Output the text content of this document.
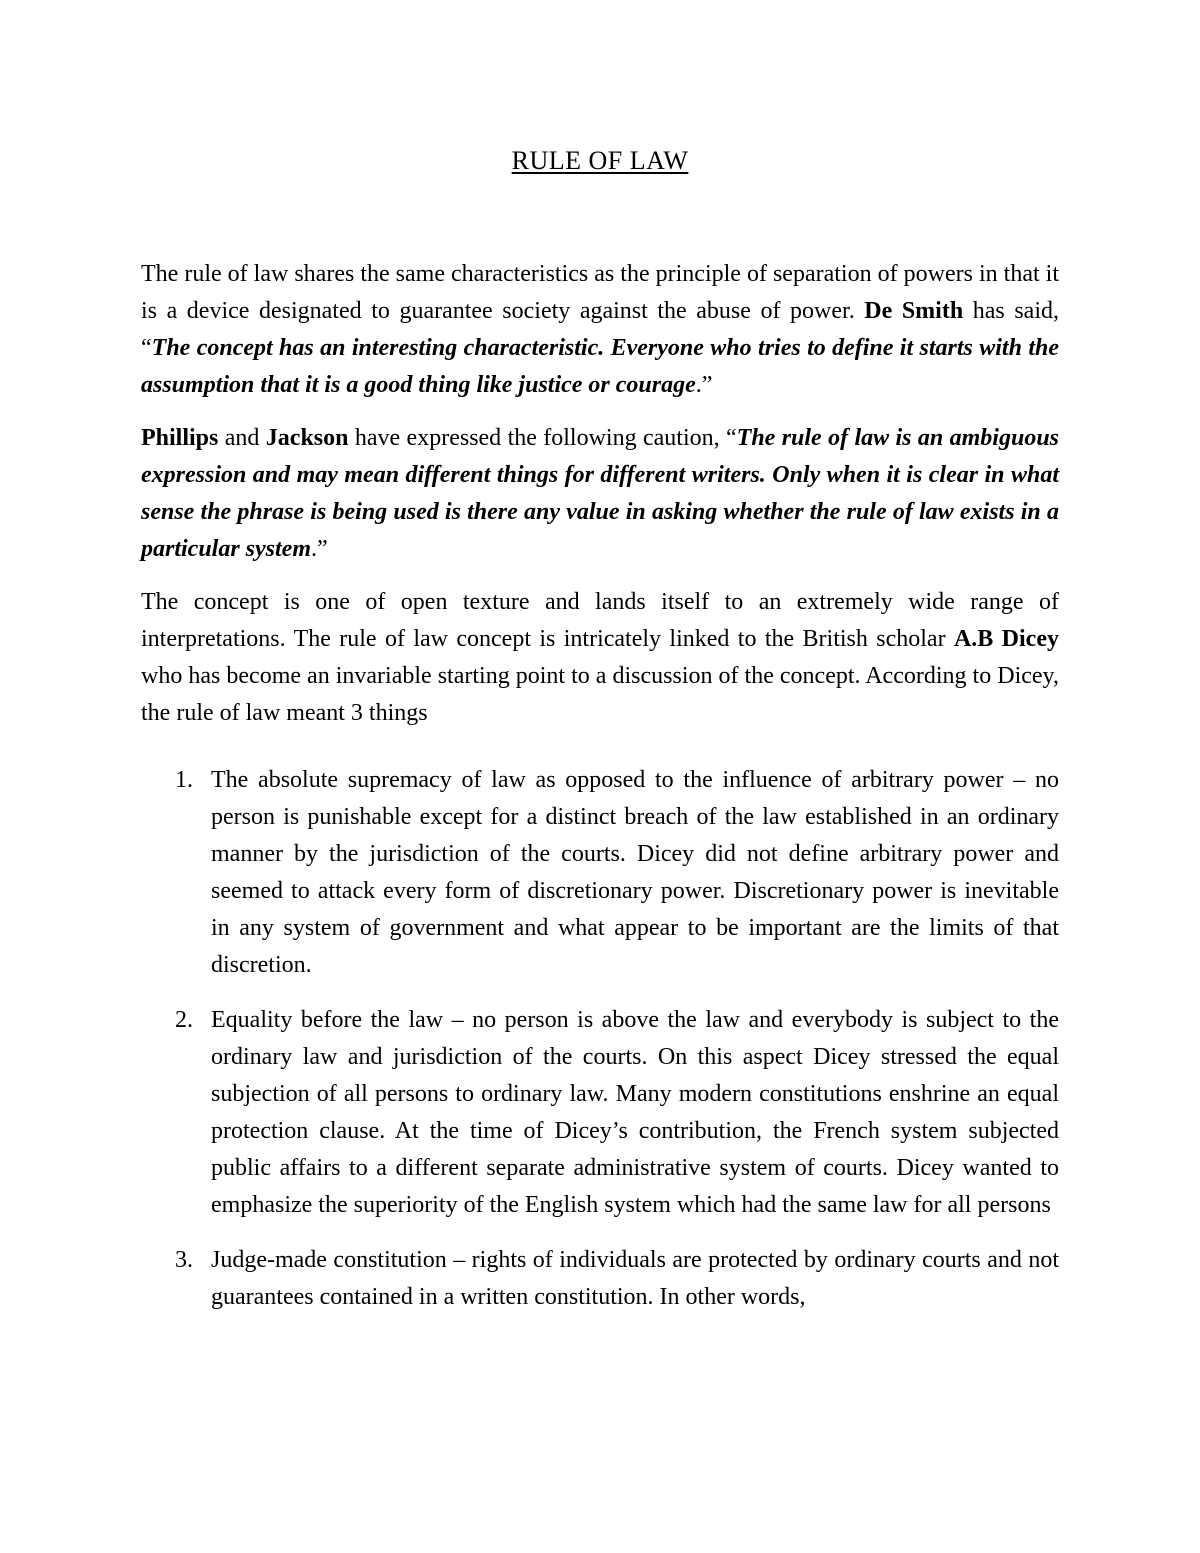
RULE OF LAW

The rule of law shares the same characteristics as the principle of separation of powers in that it is a device designated to guarantee society against the abuse of power. De Smith has said, “The concept has an interesting characteristic. Everyone who tries to define it starts with the assumption that it is a good thing like justice or courage.”

Phillips and Jackson have expressed the following caution, “The rule of law is an ambiguous expression and may mean different things for different writers. Only when it is clear in what sense the phrase is being used is there any value in asking whether the rule of law exists in a particular system.”

The concept is one of open texture and lands itself to an extremely wide range of interpretations. The rule of law concept is intricately linked to the British scholar A.B Dicey who has become an invariable starting point to a discussion of the concept. According to Dicey, the rule of law meant 3 things

1. The absolute supremacy of law as opposed to the influence of arbitrary power – no person is punishable except for a distinct breach of the law established in an ordinary manner by the jurisdiction of the courts. Dicey did not define arbitrary power and seemed to attack every form of discretionary power. Discretionary power is inevitable in any system of government and what appear to be important are the limits of that discretion.
2. Equality before the law – no person is above the law and everybody is subject to the ordinary law and jurisdiction of the courts. On this aspect Dicey stressed the equal subjection of all persons to ordinary law. Many modern constitutions enshrine an equal protection clause. At the time of Dicey’s contribution, the French system subjected public affairs to a different separate administrative system of courts. Dicey wanted to emphasize the superiority of the English system which had the same law for all persons
3. Judge-made constitution – rights of individuals are protected by ordinary courts and not guarantees contained in a written constitution. In other words,
